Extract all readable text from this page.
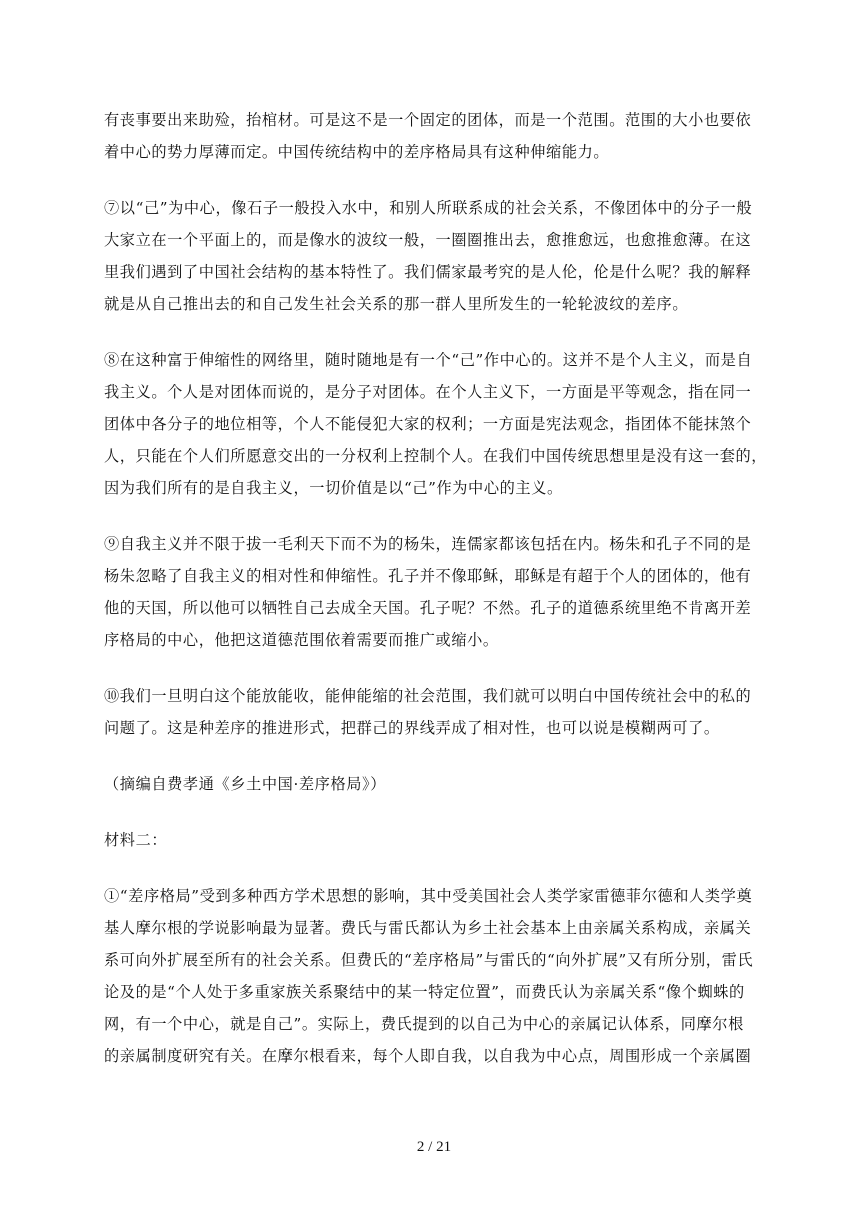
有丧事要出来助殓，抬棺材。可是这不是一个固定的团体，而是一个范围。范围的大小也要依
着中心的势力厚薄而定。中国传统结构中的差序格局具有这种伸缩能力。
⑦以“己”为中心，像石子一般投入水中，和别人所联系成的社会关系，不像团体中的分子一般
大家立在一个平面上的，而是像水的波纹一般，一圈圈推出去，愈推愈远，也愈推愈薄。在这
里我们遇到了中国社会结构的基本特性了。我们儒家最考究的是人伦，伦是什么呢？我的解释
就是从自己推出去的和自己发生社会关系的那一群人里所发生的一轮轮波纹的差序。
⑧在这种富于伸缩性的网络里，随时随地是有一个“己”作中心的。这并不是个人主义，而是自
我主义。个人是对团体而说的，是分子对团体。在个人主义下，一方面是平等观念，指在同一
团体中各分子的地位相等，个人不能侵犯大家的权利；一方面是宪法观念，指团体不能抹煞个
人，只能在个人们所愿意交出的一分权利上控制个人。在我们中国传统思想里是没有这一套的，
因为我们所有的是自我主义，一切价值是以“己”作为中心的主义。
⑨自我主义并不限于拔一毛利天下而不为的杨朱，连儒家都该包括在内。杨朱和孔子不同的是
杨朱忽略了自我主义的相对性和伸缩性。孔子并不像耶稣，耶稣是有超于个人的团体的，他有
他的天国，所以他可以牺牲自己去成全天国。孔子呢？不然。孔子的道德系统里绝不肯离开差
序格局的中心，他把这道德范围依着需要而推广或缩小。
⑩我们一旦明白这个能放能收，能伸能缩的社会范围，我们就可以明白中国传统社会中的私的
问题了。这是种差序的推进形式，把群己的界线弄成了相对性，也可以说是模糊两可了。
（摘编自费孝通《乡土中国·差序格局》）
材料二：
①“差序格局”受到多种西方学术思想的影响，其中受美国社会人类学家雷德菲尔德和人类学奠
基人摩尔根的学说影响最为显著。费氏与雷氏都认为乡土社会基本上由亲属关系构成，亲属关
系可向外扩展至所有的社会关系。但费氏的“差序格局”与雷氏的“向外扩展”又有所分别，雷氏
论及的是“个人处于多重家族关系聚结中的某一特定位置”，而费氏认为亲属关系“像个蜘蛛的
网，有一个中心，就是自己”。实际上，费氏提到的以自己为中心的亲属记认体系，同摩尔根
的亲属制度研究有关。在摩尔根看来，每个人即自我，以自我为中心点，周围形成一个亲属圈
2 / 21
